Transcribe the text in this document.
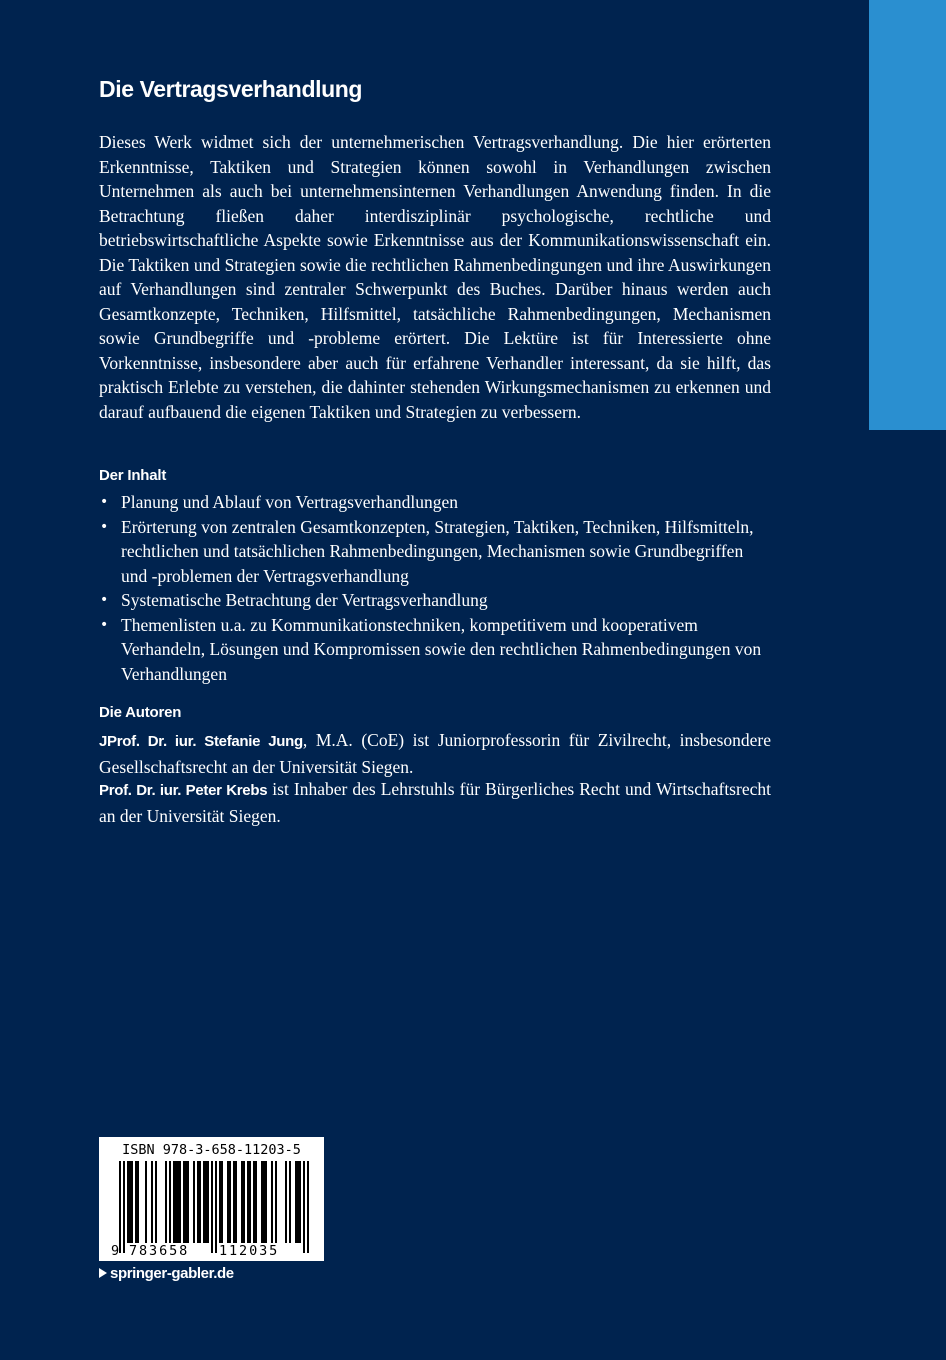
Die Vertragsverhandlung

Dieses Werk widmet sich der unternehmerischen Vertragsverhandlung. Die hier erörterten Erkenntnisse, Taktiken und Strategien können sowohl in Verhandlungen zwischen Unternehmen als auch bei unternehmensinternen Verhandlungen Anwendung finden. In die Betrachtung fließen daher interdisziplinär psychologische, rechtliche und betriebswirtschaftliche Aspekte sowie Erkenntnisse aus der Kommunikationswissenschaft ein. Die Taktiken und Strategien sowie die rechtlichen Rahmenbedingungen und ihre Auswirkungen auf Verhandlungen sind zentraler Schwerpunkt des Buches. Darüber hinaus werden auch Gesamtkonzepte, Techniken, Hilfsmittel, tatsächliche Rahmenbedingungen, Mechanismen sowie Grundbegriffe und -probleme erörtert. Die Lektüre ist für Interessierte ohne Vorkenntnisse, insbesondere aber auch für erfahrene Verhandler interessant, da sie hilft, das praktisch Erlebte zu verstehen, die dahinter stehenden Wirkungsmechanismen zu erkennen und darauf aufbauend die eigenen Taktiken und Strategien zu verbessern.

Der Inhalt
• Planung und Ablauf von Vertragsverhandlungen
• Erörterung von zentralen Gesamtkonzepten, Strategien, Taktiken, Techniken, Hilfsmitteln, rechtlichen und tatsächlichen Rahmenbedingungen, Mechanismen sowie Grundbegriffen und -problemen der Vertragsverhandlung
• Systematische Betrachtung der Vertragsverhandlung
• Themenlisten u.a. zu Kommunikationstechniken, kompetitivem und kooperativem Verhandeln, Lösungen und Kompromissen sowie den rechtlichen Rahmenbedingungen von Verhandlungen
Die Autoren

JProf. Dr. iur. Stefanie Jung, M.A. (CoE) ist Juniorprofessorin für Zivilrecht, insbesondere Gesellschaftsrecht an der Universität Siegen.

Prof. Dr. iur. Peter Krebs ist Inhaber des Lehrstuhls für Bürgerliches Recht und Wirtschaftsrecht an der Universität Siegen.

ISBN 978-3-658-11203-5
9 783658 112035
springer-gabler.de
